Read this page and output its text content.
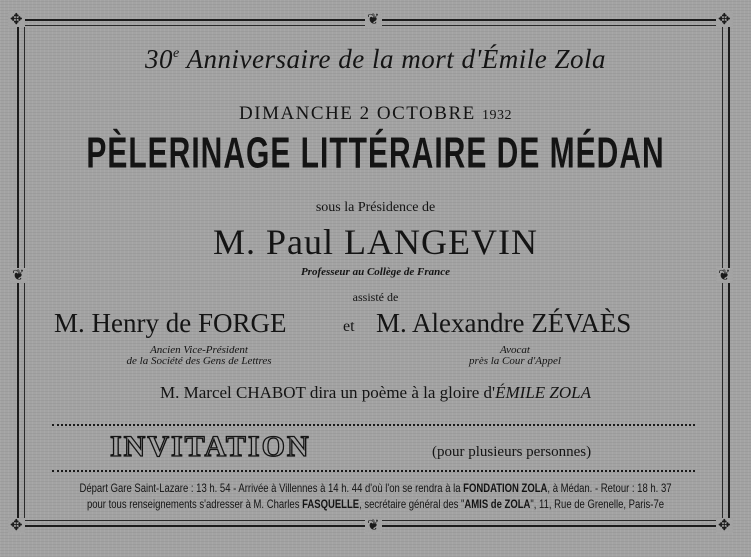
✥	✥
✥	✥
❦
❦
❦	❦
30e Anniversaire de la mort d'Émile Zola
DIMANCHE 2 OCTOBRE 1932
PÈLERINAGE LITTÉRAIRE DE MÉDAN
sous la Présidence de
M. Paul LANGEVIN
Professeur au Collège de France
assisté de
M. Henry de FORGE	et M. Alexandre ZÉVAÈS
Ancien Vice-Président
de la Société des Gens de Lettres
Avocat
près la Cour d'Appel
M. Marcel CHABOT dira un poème à la gloire d'ÉMILE ZOLA
INVITATION	(pour plusieurs personnes)
Départ Gare Saint-Lazare : 13 h. 54 - Arrivée à Villennes à 14 h. 44 d'où l'on se rendra à la FONDATION ZOLA, à Médan. - Retour : 18 h. 37
pour tous renseignements s'adresser à M. Charles FASQUELLE, secrétaire général des "AMIS de ZOLA", 11, Rue de Grenelle, Paris-7e
